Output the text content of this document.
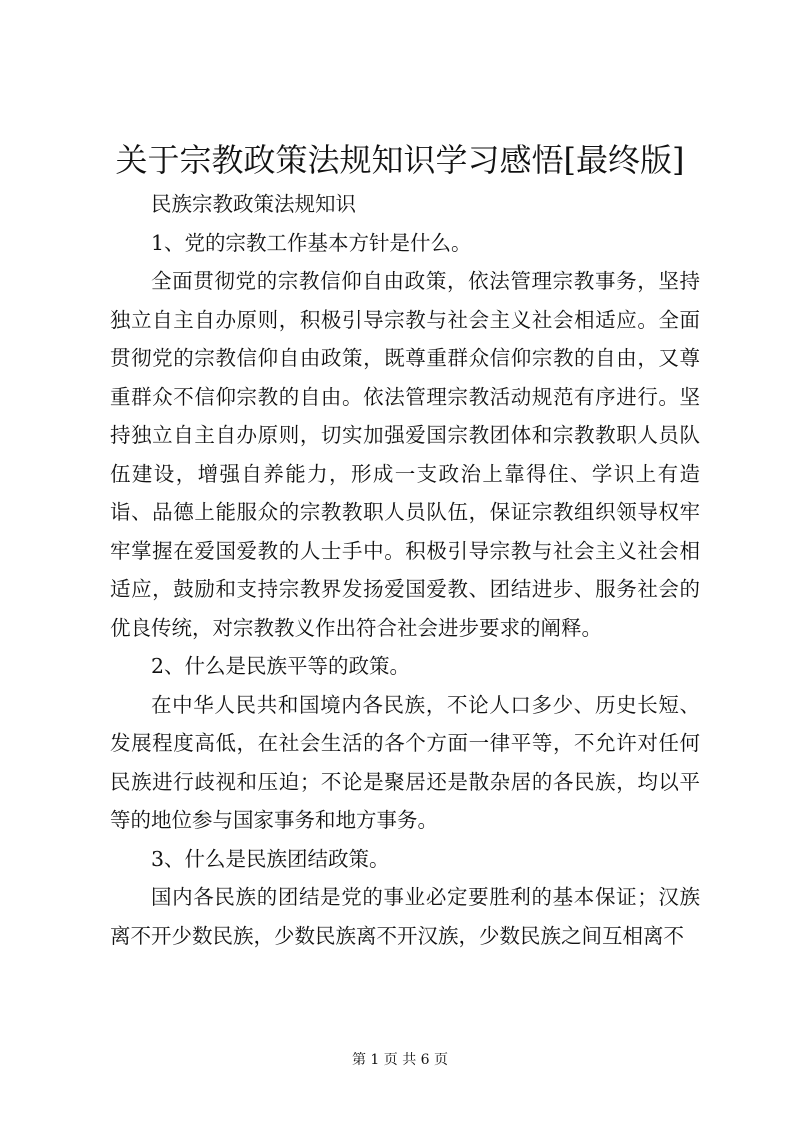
关于宗教政策法规知识学习感悟[最终版]

民族宗教政策法规知识

1、党的宗教工作基本方针是什么。

全面贯彻党的宗教信仰自由政策，依法管理宗教事务，坚持独立自主自办原则，积极引导宗教与社会主义社会相适应。全面贯彻党的宗教信仰自由政策，既尊重群众信仰宗教的自由，又尊重群众不信仰宗教的自由。依法管理宗教活动规范有序进行。坚持独立自主自办原则，切实加强爱国宗教团体和宗教教职人员队伍建设，增强自养能力，形成一支政治上靠得住、学识上有造诣、品德上能服众的宗教教职人员队伍，保证宗教组织领导权牢牢掌握在爱国爱教的人士手中。积极引导宗教与社会主义社会相适应，鼓励和支持宗教界发扬爱国爱教、团结进步、服务社会的优良传统，对宗教教义作出符合社会进步要求的阐释。

2、什么是民族平等的政策。

在中华人民共和国境内各民族，不论人口多少、历史长短、发展程度高低，在社会生活的各个方面一律平等，不允许对任何民族进行歧视和压迫；不论是聚居还是散杂居的各民族，均以平等的地位参与国家事务和地方事务。

3、什么是民族团结政策。

国内各民族的团结是党的事业必定要胜利的基本保证；汉族离不开少数民族，少数民族离不开汉族，少数民族之间互相离不

第 1 页 共 6 页
